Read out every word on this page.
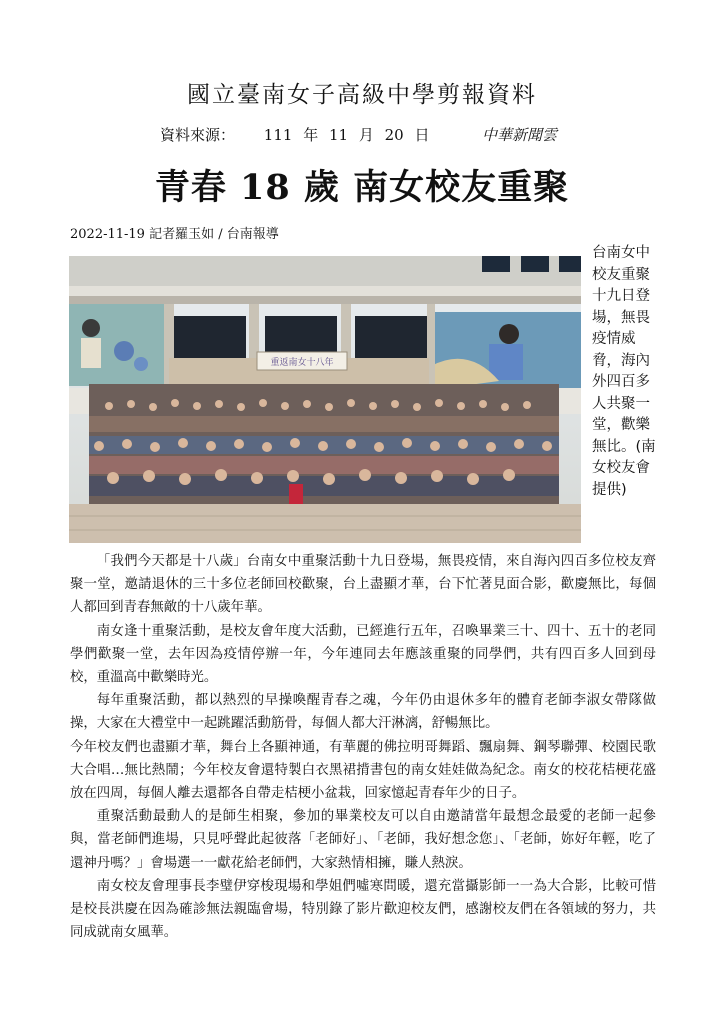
國立臺南女子高級中學剪報資料
資料來源： 111 年 11 月 20 日	中華新聞雲
青春 18 歲 南女校友重聚
2022-11-19 記者羅玉如 / 台南報導
重返南女十八年
台南女中校友重聚十九日登場，無畏疫情威脅，海內外四百多人共聚一堂，歡樂無比。(南女校友會提供)

「我們今天都是十八歲」台南女中重聚活動十九日登場，無畏疫情，來自海內四百多位校友齊聚一堂，邀請退休的三十多位老師回校歡聚，台上盡顯才華，台下忙著見面合影，歡慶無比，每個人都回到青春無敵的十八歲年華。

南女逢十重聚活動，是校友會年度大活動，已經進行五年，召喚畢業三十、四十、五十的老同學們歡聚一堂，去年因為疫情停辦一年，今年連同去年應該重聚的同學們，共有四百多人回到母校，重溫高中歡樂時光。

每年重聚活動，都以熱烈的早操喚醒青春之魂，今年仍由退休多年的體育老師李淑女帶隊做操，大家在大禮堂中一起跳躍活動筋骨，每個人都大汗淋漓，舒暢無比。

今年校友們也盡顯才華，舞台上各顯神通，有華麗的佛拉明哥舞蹈、飄扇舞、鋼琴聯彈、校園民歌大合唱…無比熱鬧；今年校友會還特製白衣黑裙揹書包的南女娃娃做為紀念。南女的校花桔梗花盛放在四周，每個人離去還都各自帶走桔梗小盆栽，回家憶起青春年少的日子。

重聚活動最動人的是師生相聚，參加的畢業校友可以自由邀請當年最想念最愛的老師一起參與，當老師們進場，只見呼聲此起彼落「老師好」、「老師，我好想念您」、「老師，妳好年輕，吃了還神丹嗎？」會場選一一獻花給老師們，大家熱情相擁，賺人熱淚。

南女校友會理事長李璧伊穿梭現場和學姐們噓寒問暖，還充當攝影師一一為大合影，比較可惜是校長洪慶在因為確診無法親臨會場，特別錄了影片歡迎校友們，感謝校友們在各領域的努力，共同成就南女風華。
